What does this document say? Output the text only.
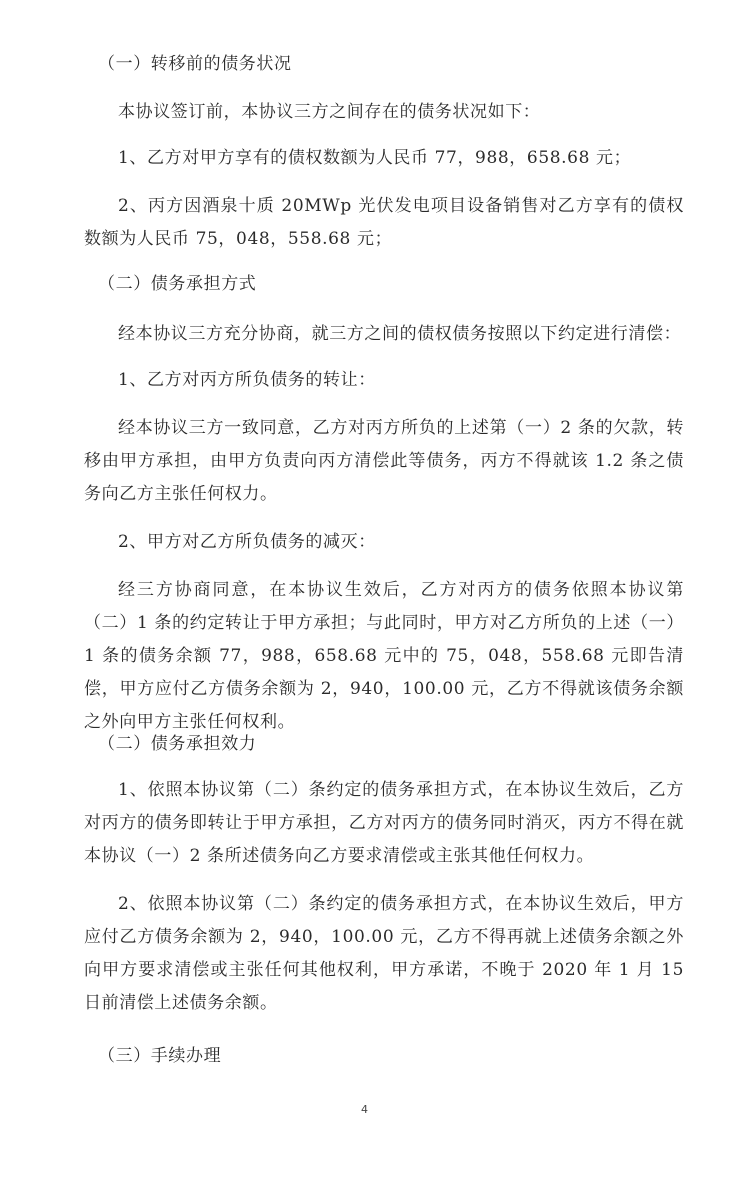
（一）转移前的债务状况

本协议签订前，本协议三方之间存在的债务状况如下：

1、乙方对甲方享有的债权数额为人民币 77，988，658.68 元；

2、丙方因酒泉十质 20MWp 光伏发电项目设备销售对乙方享有的债权数额为人民币 75，048，558.68 元；

（二）债务承担方式

经本协议三方充分协商，就三方之间的债权债务按照以下约定进行清偿：

1、乙方对丙方所负债务的转让：

经本协议三方一致同意，乙方对丙方所负的上述第（一）2 条的欠款，转移由甲方承担，由甲方负责向丙方清偿此等债务，丙方不得就该 1.2 条之债务向乙方主张任何权力。

2、甲方对乙方所负债务的减灭：

经三方协商同意，在本协议生效后，乙方对丙方的债务依照本协议第（二）1 条的约定转让于甲方承担；与此同时，甲方对乙方所负的上述（一）1 条的债务余额 77，988，658.68 元中的 75，048，558.68 元即告清偿，甲方应付乙方债务余额为 2，940，100.00 元，乙方不得就该债务余额之外向甲方主张任何权利。

（二）债务承担效力

1、依照本协议第（二）条约定的债务承担方式，在本协议生效后，乙方对丙方的债务即转让于甲方承担，乙方对丙方的债务同时消灭，丙方不得在就本协议（一）2 条所述债务向乙方要求清偿或主张其他任何权力。

2、依照本协议第（二）条约定的债务承担方式，在本协议生效后，甲方应付乙方债务余额为 2，940，100.00 元，乙方不得再就上述债务余额之外向甲方要求清偿或主张任何其他权利，甲方承诺，不晚于 2020 年 1 月 15 日前清偿上述债务余额。

（三）手续办理

4
